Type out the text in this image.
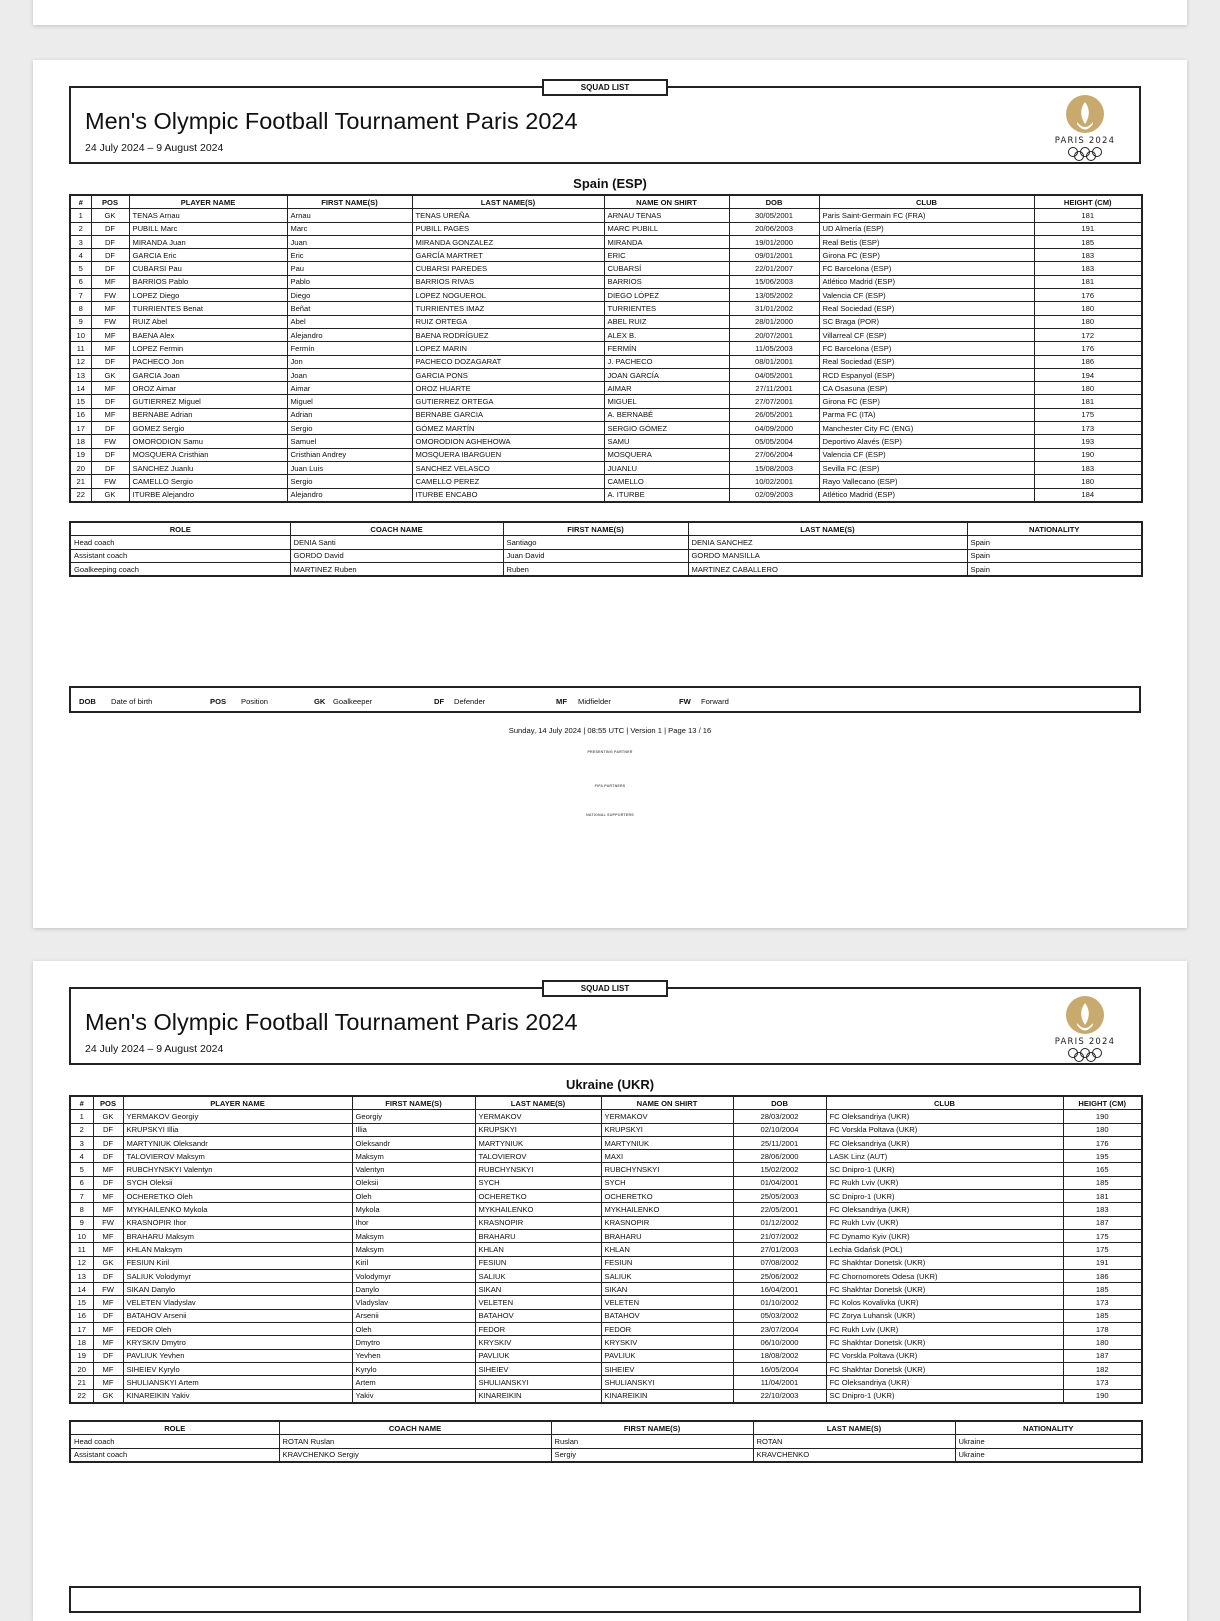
SQUAD LIST
Men's Olympic Football Tournament Paris 2024
24 July 2024 – 9 August 2024
PARIS 2024
Spain (ESP)
#	POS	PLAYER NAME	FIRST NAME(S)	LAST NAME(S)	NAME ON SHIRT	DOB	CLUB	HEIGHT (CM)
1	GK	TENAS Arnau	Arnau	TENAS UREÑA	ARNAU TENAS	30/05/2001	Paris Saint-Germain FC (FRA)	181
2	DF	PUBILL Marc	Marc	PUBILL PAGES	MARC PUBILL	20/06/2003	UD Almería (ESP)	191
3	DF	MIRANDA Juan	Juan	MIRANDA GONZALEZ	MIRANDA	19/01/2000	Real Betis (ESP)	185
4	DF	GARCIA Eric	Eric	GARCÍA MARTRET	ERIC	09/01/2001	Girona FC (ESP)	183
5	DF	CUBARSI Pau	Pau	CUBARSI PAREDES	CUBARSÍ	22/01/2007	FC Barcelona (ESP)	183
6	MF	BARRIOS Pablo	Pablo	BARRIOS RIVAS	BARRIOS	15/06/2003	Atlético Madrid (ESP)	181
7	FW	LOPEZ Diego	Diego	LOPEZ NOGUEROL	DIEGO LÓPEZ	13/05/2002	Valencia CF (ESP)	176
8	MF	TURRIENTES Benat	Beñat	TURRIENTES IMAZ	TURRIENTES	31/01/2002	Real Sociedad (ESP)	180
9	FW	RUIZ Abel	Abel	RUIZ ORTEGA	ABEL RUIZ	28/01/2000	SC Braga (POR)	180
10	MF	BAENA Alex	Alejandro	BAENA RODRÍGUEZ	ALEX B.	20/07/2001	Villarreal CF (ESP)	172
11	MF	LOPEZ Fermin	Fermín	LOPEZ MARIN	FERMÍN	11/05/2003	FC Barcelona (ESP)	176
12	DF	PACHECO Jon	Jon	PACHECO DOZAGARAT	J. PACHECO	08/01/2001	Real Sociedad (ESP)	186
13	GK	GARCIA Joan	Joan	GARCIA PONS	JOAN GARCÍA	04/05/2001	RCD Espanyol (ESP)	194
14	MF	OROZ Aimar	Aimar	OROZ HUARTE	AIMAR	27/11/2001	CA Osasuna (ESP)	180
15	DF	GUTIERREZ Miguel	Miguel	GUTIERREZ ORTEGA	MIGUEL	27/07/2001	Girona FC (ESP)	181
16	MF	BERNABE Adrian	Adrian	BERNABE GARCIA	A. BERNABÉ	26/05/2001	Parma FC (ITA)	175
17	DF	GOMEZ Sergio	Sergio	GÓMEZ MARTÍN	SERGIO GÓMEZ	04/09/2000	Manchester City FC (ENG)	173
18	FW	OMORODION Samu	Samuel	OMORODION AGHEHOWA	SAMU	05/05/2004	Deportivo Alavés (ESP)	193
19	DF	MOSQUERA Cristhian	Cristhian Andrey	MOSQUERA IBARGUEN	MOSQUERA	27/06/2004	Valencia CF (ESP)	190
20	DF	SANCHEZ Juanlu	Juan Luis	SANCHEZ VELASCO	JUANLU	15/08/2003	Sevilla FC (ESP)	183
21	FW	CAMELLO Sergio	Sergio	CAMELLO PEREZ	CAMELLO	10/02/2001	Rayo Vallecano (ESP)	180
22	GK	ITURBE Alejandro	Alejandro	ITURBE ENCABO	A. ITURBE	02/09/2003	Atlético Madrid (ESP)	184
ROLE	COACH NAME	FIRST NAME(S)	LAST NAME(S)	NATIONALITY
Head coach	DENIA Santi	Santiago	DENIA SANCHEZ	Spain
Assistant coach	GORDO David	Juan David	GORDO MANSILLA	Spain
Goalkeeping coach	MARTINEZ Ruben	Ruben	MARTINEZ CABALLERO	Spain
DOB Date of birth	POS Position	GK Goalkeeper	DF Defender	MF Midfielder	FW Forward
Sunday, 14 July 2024 | 08:55 UTC | Version 1 | Page 13 / 16
PRESENTING PARTNER
FIFA PARTNERS
NATIONAL SUPPORTERS
SQUAD LIST
Men's Olympic Football Tournament Paris 2024
24 July 2024 – 9 August 2024
PARIS 2024
Ukraine (UKR)
#	POS	PLAYER NAME	FIRST NAME(S)	LAST NAME(S)	NAME ON SHIRT	DOB	CLUB	HEIGHT (CM)
1	GK	YERMAKOV Georgiy	Georgiy	YERMAKOV	YERMAKOV	28/03/2002	FC Oleksandriya (UKR)	190
2	DF	KRUPSKYI Illia	Illia	KRUPSKYI	KRUPSKYI	02/10/2004	FC Vorskla Poltava (UKR)	180
3	DF	MARTYNIUK Oleksandr	Oleksandr	MARTYNIUK	MARTYNIUK	25/11/2001	FC Oleksandriya (UKR)	176
4	DF	TALOVIEROV Maksym	Maksym	TALOVIEROV	MAXI	28/06/2000	LASK Linz (AUT)	195
5	MF	RUBCHYNSKYI Valentyn	Valentyn	RUBCHYNSKYI	RUBCHYNSKYI	15/02/2002	SC Dnipro-1 (UKR)	165
6	DF	SYCH Oleksii	Oleksii	SYCH	SYCH	01/04/2001	FC Rukh Lviv (UKR)	185
7	MF	OCHERETKO Oleh	Oleh	OCHERETKO	OCHERETKO	25/05/2003	SC Dnipro-1 (UKR)	181
8	MF	MYKHAILENKO Mykola	Mykola	MYKHAILENKO	MYKHAILENKO	22/05/2001	FC Oleksandriya (UKR)	183
9	FW	KRASNOPIR Ihor	Ihor	KRASNOPIR	KRASNOPIR	01/12/2002	FC Rukh Lviv (UKR)	187
10	MF	BRAHARU Maksym	Maksym	BRAHARU	BRAHARU	21/07/2002	FC Dynamo Kyiv (UKR)	175
11	MF	KHLAN Maksym	Maksym	KHLAN	KHLAN	27/01/2003	Lechia Gdańsk (POL)	175
12	GK	FESIUN Kiril	Kiril	FESIUN	FESIUN	07/08/2002	FC Shakhtar Donetsk (UKR)	191
13	DF	SALIUK Volodymyr	Volodymyr	SALIUK	SALIUK	25/06/2002	FC Chornomorets Odesa (UKR)	186
14	FW	SIKAN Danylo	Danylo	SIKAN	SIKAN	16/04/2001	FC Shakhtar Donetsk (UKR)	185
15	MF	VELETEN Vladyslav	Vladyslav	VELETEN	VELETEN	01/10/2002	FC Kolos Kovalivka (UKR)	173
16	DF	BATAHOV Arsenii	Arsenii	BATAHOV	BATAHOV	05/03/2002	FC Zorya Luhansk (UKR)	185
17	MF	FEDOR Oleh	Oleh	FEDOR	FEDOR	23/07/2004	FC Rukh Lviv (UKR)	178
18	MF	KRYSKIV Dmytro	Dmytro	KRYSKIV	KRYSKIV	06/10/2000	FC Shakhtar Donetsk (UKR)	180
19	DF	PAVLIUK Yevhen	Yevhen	PAVLIUK	PAVLIUK	18/08/2002	FC Vorskla Poltava (UKR)	187
20	MF	SIHEIEV Kyrylo	Kyrylo	SIHEIEV	SIHEIEV	16/05/2004	FC Shakhtar Donetsk (UKR)	182
21	MF	SHULIANSKYI Artem	Artem	SHULIANSKYI	SHULIANSKYI	11/04/2001	FC Oleksandriya (UKR)	173
22	GK	KINAREIKIN Yakiv	Yakiv	KINAREIKIN	KINAREIKIN	22/10/2003	SC Dnipro-1 (UKR)	190
ROLE	COACH NAME	FIRST NAME(S)	LAST NAME(S)	NATIONALITY
Head coach	ROTAN Ruslan	Ruslan	ROTAN	Ukraine
Assistant coach	KRAVCHENKO Sergiy	Sergiy	KRAVCHENKO	Ukraine
